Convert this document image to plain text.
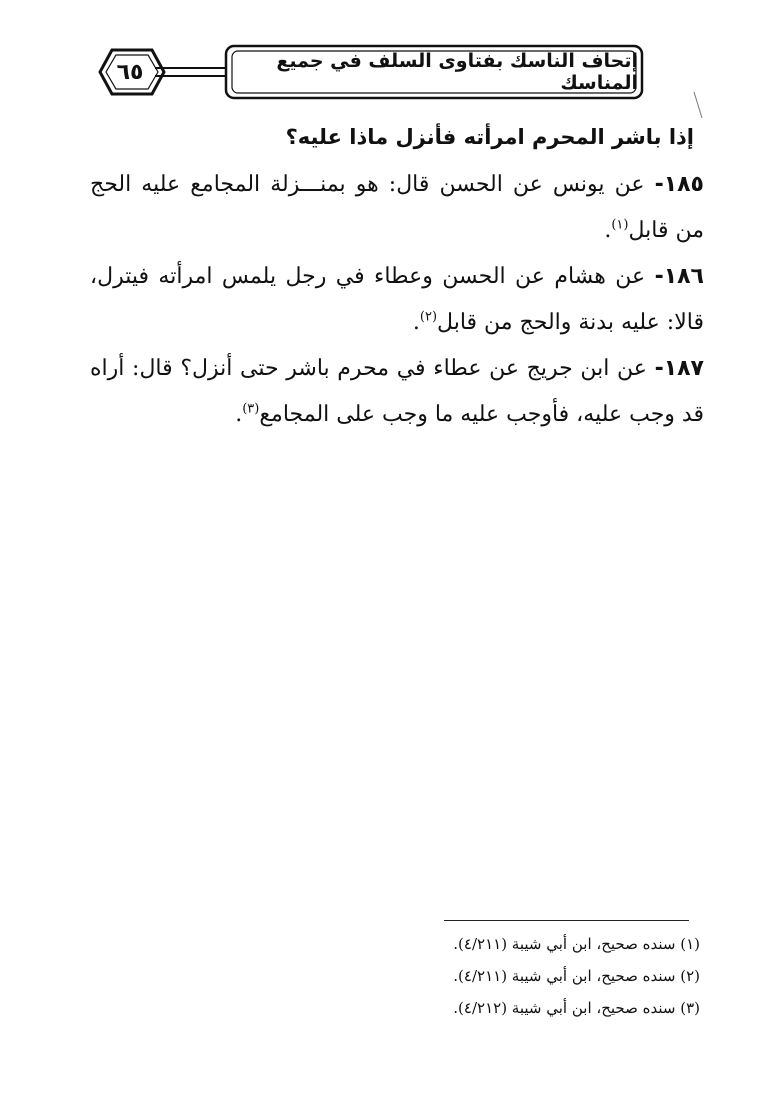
إتحاف الناسك بفتاوى السلف في جميع المناسك
٦٥
إذا باشر المحرم امرأته فأنزل ماذا عليه؟
١٨٥- عن يونس عن الحسن قال: هو بمنـــزلة المجامع عليه الحج من قابل$^{(١)}$.
١٨٦- عن هشام عن الحسن وعطاء في رجل يلمس امرأته فيترل، قالا: عليه بدنة والحج من قابل$^{(٢)}$.
١٨٧- عن ابن جريج عن عطاء في محرم باشر حتى أنزل؟ قال: أراه قد وجب عليه، فأوجب عليه ما وجب على المجامع$^{(٣)}$.
(١) سنده صحيح، ابن أبي شيبة (٤/٢١١).
(٢) سنده صحيح، ابن أبي شيبة (٤/٢١١).
(٣) سنده صحيح، ابن أبي شيبة (٤/٢١٢).
